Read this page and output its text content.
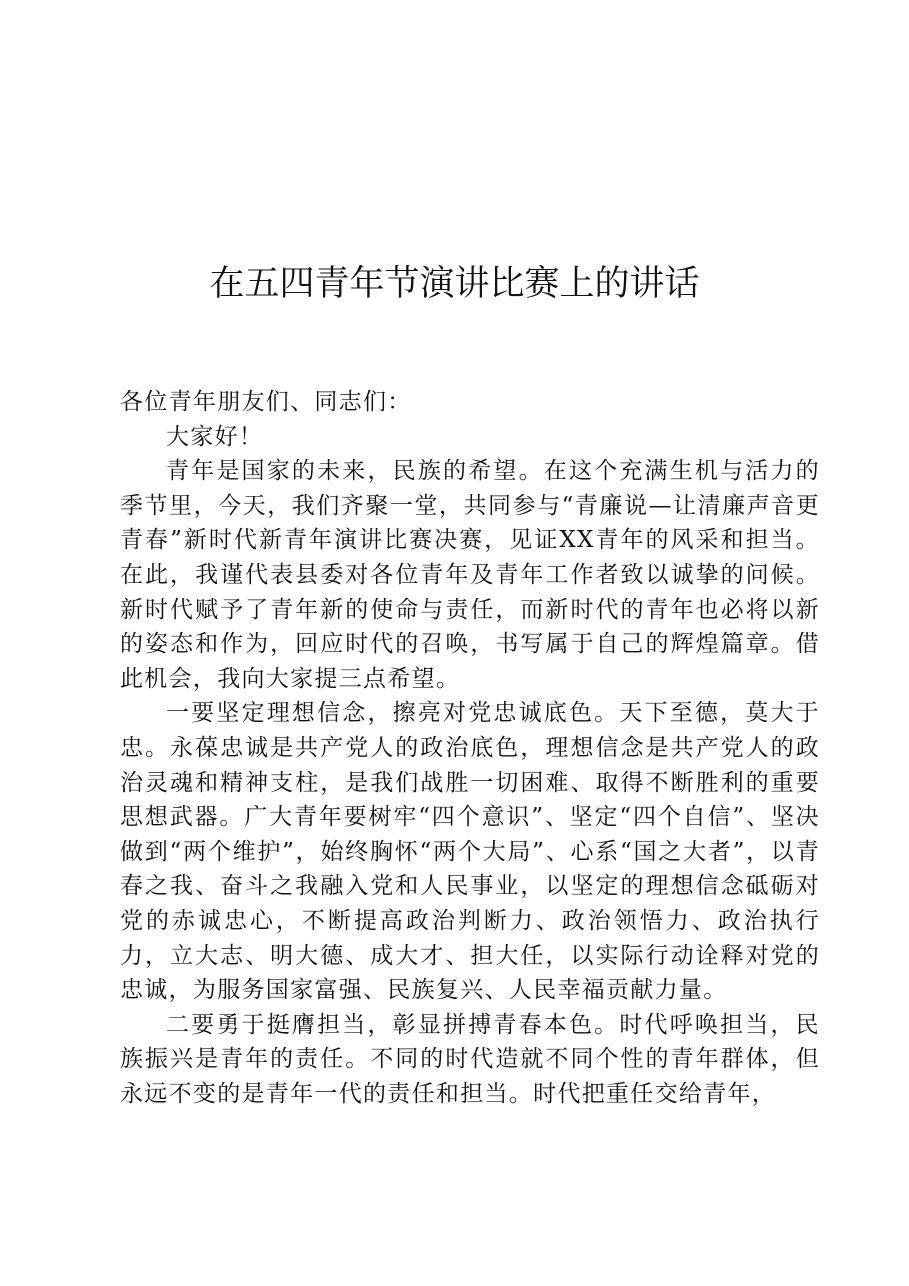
在五四青年节演讲比赛上的讲话

各位青年朋友们、同志们：

大家好！

青年是国家的未来，民族的希望。在这个充满生机与活力的季节里，今天，我们齐聚一堂，共同参与“青廉说—让清廉声音更青春”新时代新青年演讲比赛决赛，见证XX青年的风采和担当。在此，我谨代表县委对各位青年及青年工作者致以诚挚的问候。新时代赋予了青年新的使命与责任，而新时代的青年也必将以新的姿态和作为，回应时代的召唤，书写属于自己的辉煌篇章。借此机会，我向大家提三点希望。

一要坚定理想信念，擦亮对党忠诚底色。天下至德，莫大于忠。永葆忠诚是共产党人的政治底色，理想信念是共产党人的政治灵魂和精神支柱，是我们战胜一切困难、取得不断胜利的重要思想武器。广大青年要树牢“四个意识”、坚定“四个自信”、坚决做到“两个维护”，始终胸怀“两个大局”、心系“国之大者”，以青春之我、奋斗之我融入党和人民事业，以坚定的理想信念砥砺对党的赤诚忠心，不断提高政治判断力、政治领悟力、政治执行力，立大志、明大德、成大才、担大任，以实际行动诠释对党的忠诚，为服务国家富强、民族复兴、人民幸福贡献力量。

二要勇于挺膺担当，彰显拼搏青春本色。时代呼唤担当，民族振兴是青年的责任。不同的时代造就不同个性的青年群体，但永远不变的是青年一代的责任和担当。时代把重任交给青年，
